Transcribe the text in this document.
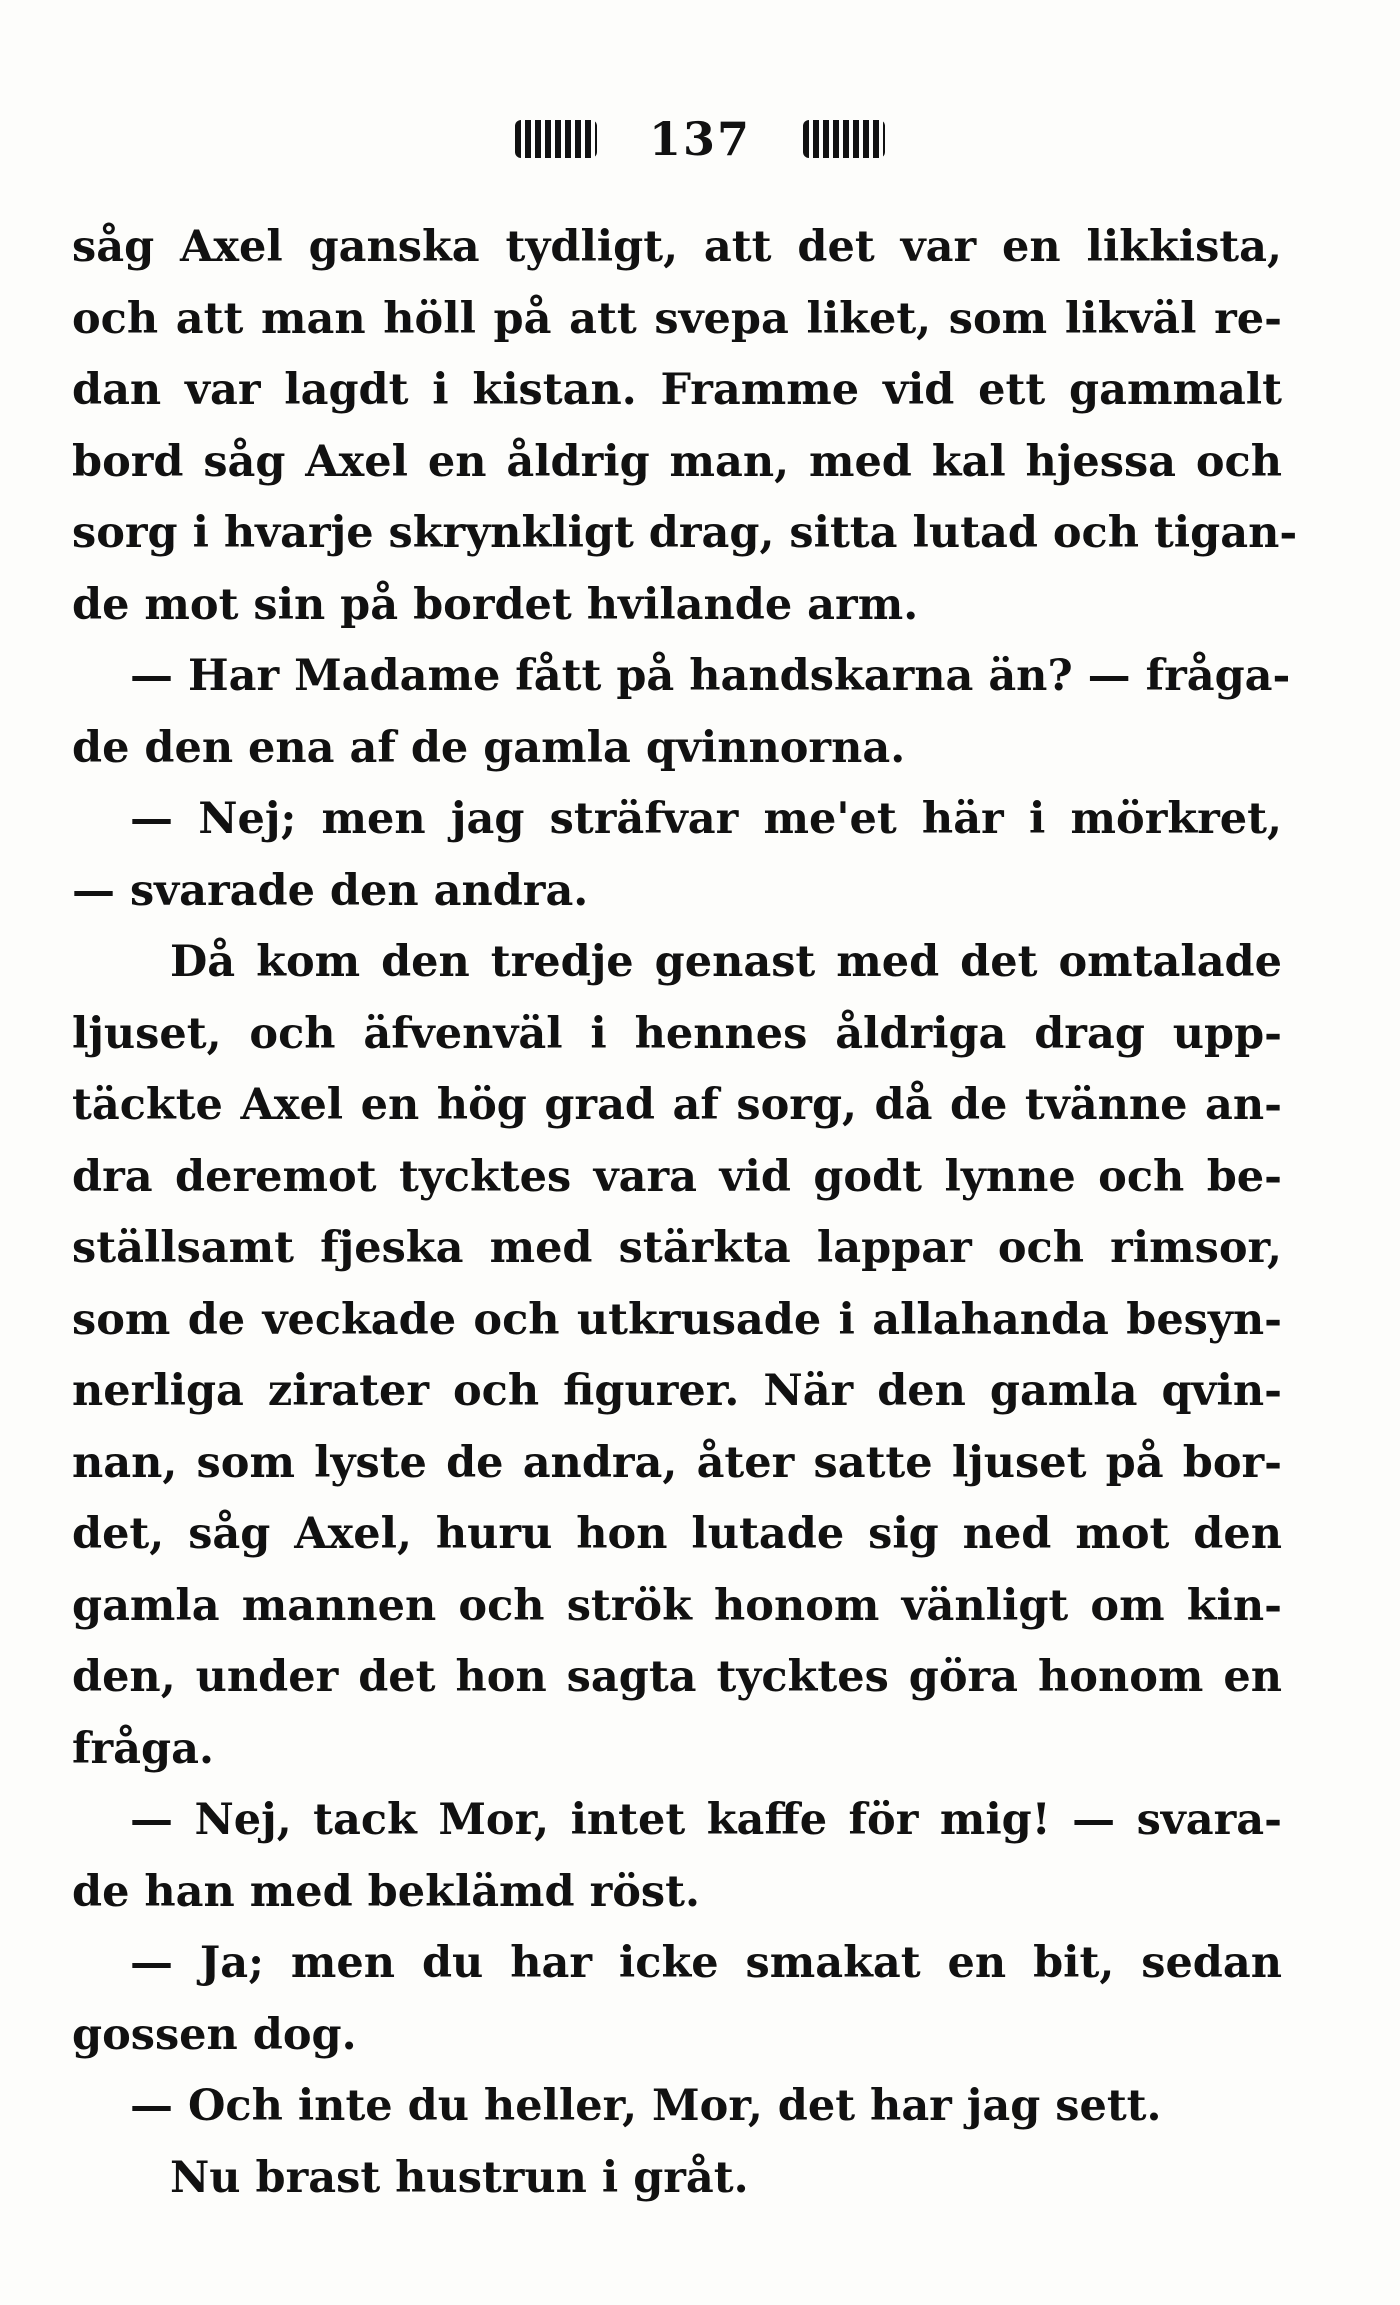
137
såg Axel ganska tydligt, att det var en likkista,
och att man höll på att svepa liket, som likväl re-
dan var lagdt i kistan. Framme vid ett gammalt
bord såg Axel en åldrig man, med kal hjessa och
sorg i hvarje skrynkligt drag, sitta lutad och tigan-
de mot sin på bordet hvilande arm.
— Har Madame fått på handskarna än? — fråga-
de den ena af de gamla qvinnorna.
— Nej; men jag sträfvar me'et här i mörkret,
— svarade den andra.
Då kom den tredje genast med det omtalade
ljuset, och äfvenväl i hennes åldriga drag upp-
täckte Axel en hög grad af sorg, då de tvänne an-
dra deremot tycktes vara vid godt lynne och be-
ställsamt fjeska med stärkta lappar och rimsor,
som de veckade och utkrusade i allahanda besyn-
nerliga zirater och figurer. När den gamla qvin-
nan, som lyste de andra, åter satte ljuset på bor-
det, såg Axel, huru hon lutade sig ned mot den
gamla mannen och strök honom vänligt om kin-
den, under det hon sagta tycktes göra honom en
fråga.
— Nej, tack Mor, intet kaffe för mig! — svara-
de han med beklämd röst.
— Ja; men du har icke smakat en bit, sedan
gossen dog.
— Och inte du heller, Mor, det har jag sett.
Nu brast hustrun i gråt.
